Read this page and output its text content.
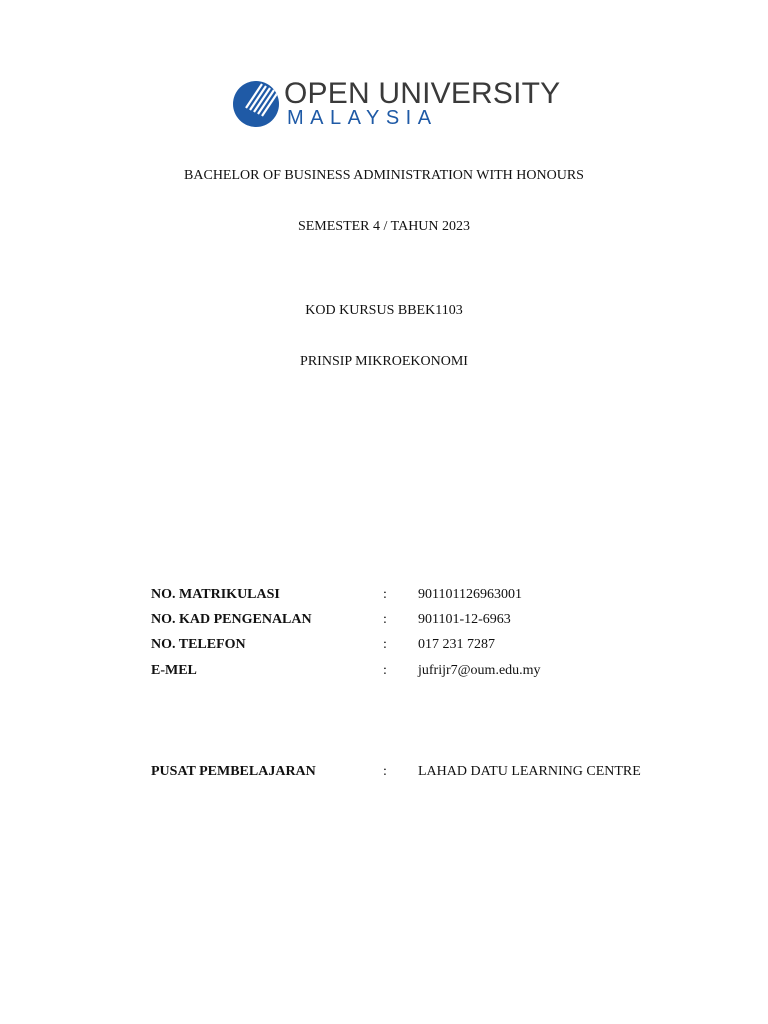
OPEN UNIVERSITY
MALAYSIA
BACHELOR OF BUSINESS ADMINISTRATION WITH HONOURS
SEMESTER 4 / TAHUN 2023
KOD KURSUS BBEK1103
PRINSIP MIKROEKONOMI
NO. MATRIKULASI	: 901101126963001
NO. KAD PENGENALAN	: 901101-12-6963
NO. TELEFON	: 017 231 7287
E-MEL	: jufrijr7@oum.edu.my
PUSAT PEMBELAJARAN	: LAHAD DATU LEARNING CENTRE
